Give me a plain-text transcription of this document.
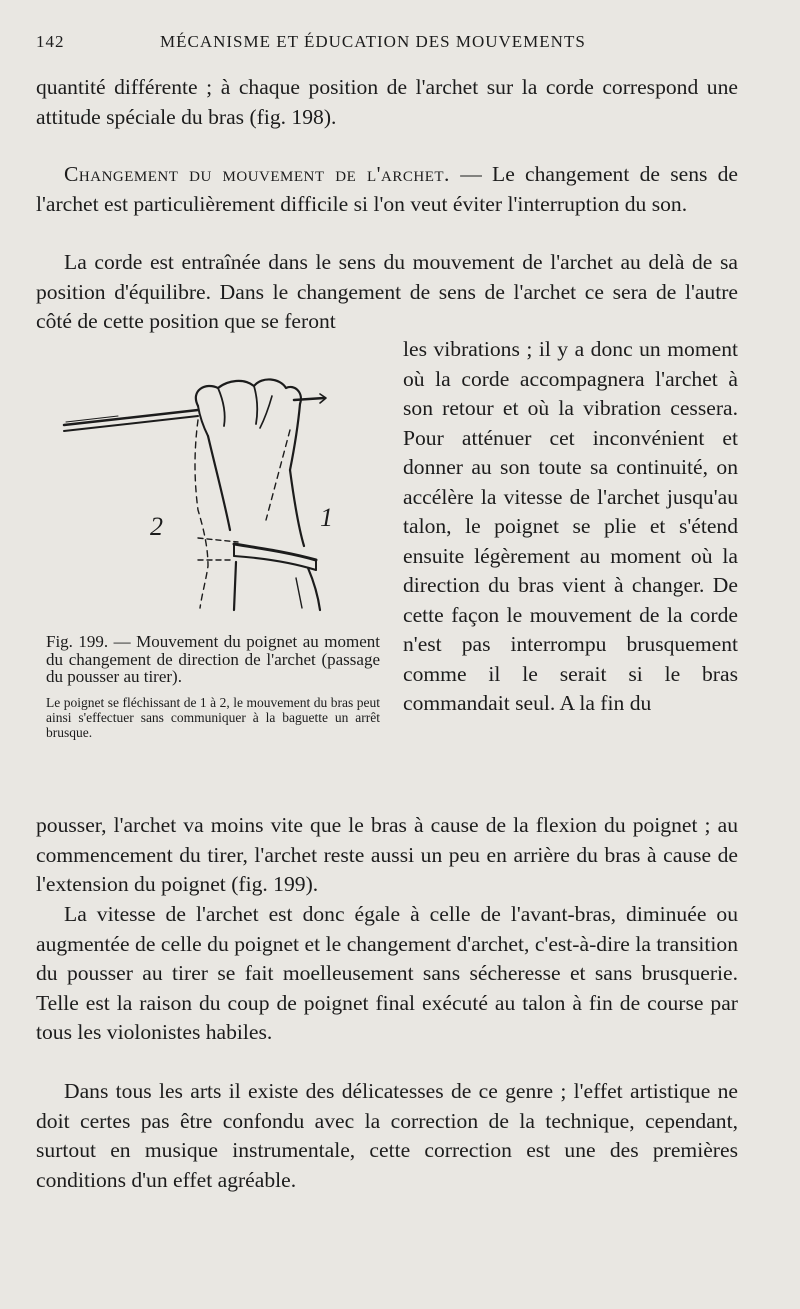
142	MÉCANISME ET ÉDUCATION DES MOUVEMENTS

quantité différente ; à chaque position de l'archet sur la corde correspond une attitude spéciale du bras (fig. 198).

Changement du mouvement de l'archet. — Le changement de sens de l'archet est particulièrement difficile si l'on veut éviter l'interruption du son.

La corde est entraînée dans le sens du mouvement de l'archet au delà de sa position d'équilibre. Dans le changement de sens de l'archet ce sera de l'autre côté de cette position que se feront

les vibrations ; il y a donc un moment où la corde accompagnera l'archet à son retour et où la vibration cessera. Pour atténuer cet inconvénient et donner au son toute sa continuité, on accélère la vitesse de l'archet jusqu'au talon, le poignet se plie et s'étend ensuite légèrement au moment où la direction du bras vient à changer. De cette façon le mouvement de la corde n'est pas interrompu brusquement comme il le serait si le bras commandait seul. A la fin du
2	1
Fig. 199. — Mouvement du poignet au moment du changement de direction de l'archet (passage du pousser au tirer).
Le poignet se fléchissant de 1 à 2, le mouvement du bras peut ainsi s'effectuer sans communiquer à la baguette un arrêt brusque.

pousser, l'archet va moins vite que le bras à cause de la flexion du poignet ; au commencement du tirer, l'archet reste aussi un peu en arrière du bras à cause de l'extension du poignet (fig. 199).

La vitesse de l'archet est donc égale à celle de l'avant-bras, diminuée ou augmentée de celle du poignet et le changement d'archet, c'est-à-dire la transition du pousser au tirer se fait moelleusement sans sécheresse et sans brusquerie. Telle est la raison du coup de poignet final exécuté au talon à fin de course par tous les violonistes habiles.

Dans tous les arts il existe des délicatesses de ce genre ; l'effet artistique ne doit certes pas être confondu avec la correction de la technique, cependant, surtout en musique instrumentale, cette correction est une des premières conditions d'un effet agréable.
